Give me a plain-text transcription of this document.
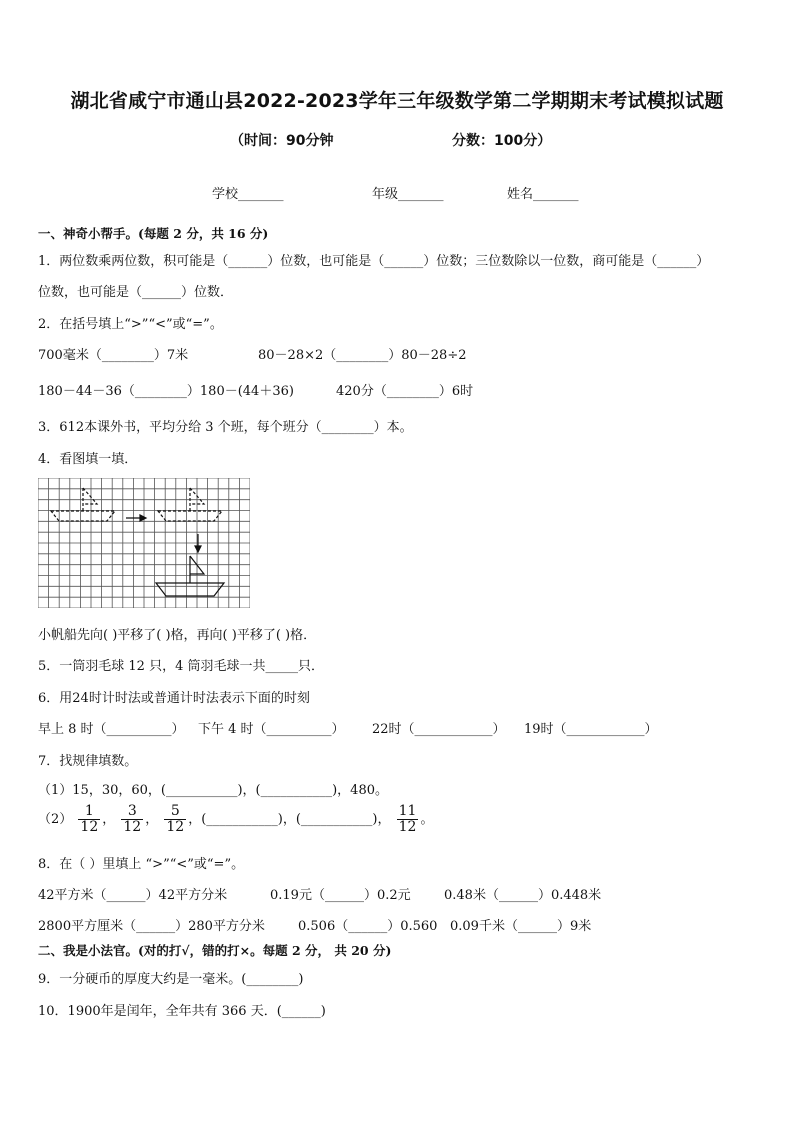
湖北省咸宁市通山县2022-2023学年三年级数学第二学期期末考试模拟试题
（时间：90分钟	分数：100分）
学校_______	年级_______	姓名_______
一、神奇小帮手。(每题 2 分，共 16 分)
1．两位数乘两位数，积可能是（______）位数，也可能是（______）位数；三位数除以一位数，商可能是（______）
位数，也可能是（______）位数．
2．在括号填上“>”“<”或“=”。
700毫米（________）7米	80－28×2（________）80－28÷2
180－44－36（________）180－(44＋36)	420分（________）6时
3．612本课外书，平均分给 3 个班，每个班分（________）本。
4．看图填一填．
小帆船先向( )平移了( )格，再向( )平移了( )格．
5．一筒羽毛球 12 只，4 筒羽毛球一共_____只．
6．用24时计时法或普通计时法表示下面的时刻
早上 8 时（__________） 下午 4 时（__________） 22时（____________） 19时（____________）
7．找规律填数。
（1）15，30，60，(___________)，(___________)，480。
$(2) \frac{1}{12}$ ， $\frac{3}{12}$ ， $\frac{5}{12}$ ，(___________)，(___________)， $\frac{11}{12}$ 。
8．在（ ）里填上 “>”“<”或“=”。
42平方米（______）42平方分米	0.19元（______）0.2元	0.48米（______）0.448米
2800平方厘米（______）280平方分米	0.506（______）0.560 0.09千米（______）9米
二、我是小法官。(对的打√，错的打×。每题 2 分， 共 20 分)
9．一分硬币的厚度大约是一毫米。(________)
10．1900年是闰年，全年共有 366 天．(______)
